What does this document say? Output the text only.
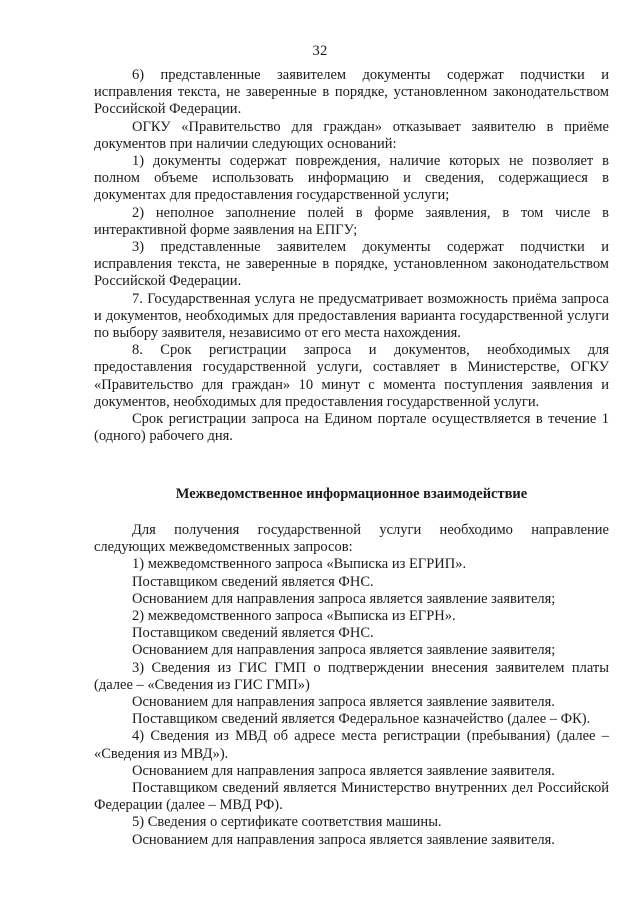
32

6) представленные заявителем документы содержат подчистки и исправления текста, не заверенные в порядке, установленном законодательством Российской Федерации.

ОГКУ «Правительство для граждан» отказывает заявителю в приёме документов при наличии следующих оснований:

1) документы содержат повреждения, наличие которых не позволяет в полном объеме использовать информацию и сведения, содержащиеся в документах для предоставления государственной услуги;

2) неполное заполнение полей в форме заявления, в том числе в интерактивной форме заявления на ЕПГУ;

3) представленные заявителем документы содержат подчистки и исправления текста, не заверенные в порядке, установленном законодательством Российской Федерации.

7. Государственная услуга не предусматривает возможность приёма запроса и документов, необходимых для предоставления варианта государственной услуги по выбору заявителя, независимо от его места нахождения.

8. Срок регистрации запроса и документов, необходимых для предоставления государственной услуги, составляет в Министерстве, ОГКУ «Правительство для граждан» 10 минут с момента поступления заявления и документов, необходимых для предоставления государственной услуги.

Срок регистрации запроса на Едином портале осуществляется в течение 1 (одного) рабочего дня.

Межведомственное информационное взаимодействие

Для получения государственной услуги необходимо направление следующих межведомственных запросов:

1) межведомственного запроса «Выписка из ЕГРИП».

Поставщиком сведений является ФНС.

Основанием для направления запроса является заявление заявителя;

2) межведомственного запроса «Выписка из ЕГРН».

Поставщиком сведений является ФНС.

Основанием для направления запроса является заявление заявителя;

3) Сведения из ГИС ГМП о подтверждении внесения заявителем платы (далее – «Сведения из ГИС ГМП»)

Основанием для направления запроса является заявление заявителя.

Поставщиком сведений является Федеральное казначейство (далее – ФК).

4) Сведения из МВД об адресе места регистрации (пребывания) (далее – «Сведения из МВД»).

Основанием для направления запроса является заявление заявителя.

Поставщиком сведений является Министерство внутренних дел Российской Федерации (далее – МВД РФ).

5) Сведения о сертификате соответствия машины.

Основанием для направления запроса является заявление заявителя.
